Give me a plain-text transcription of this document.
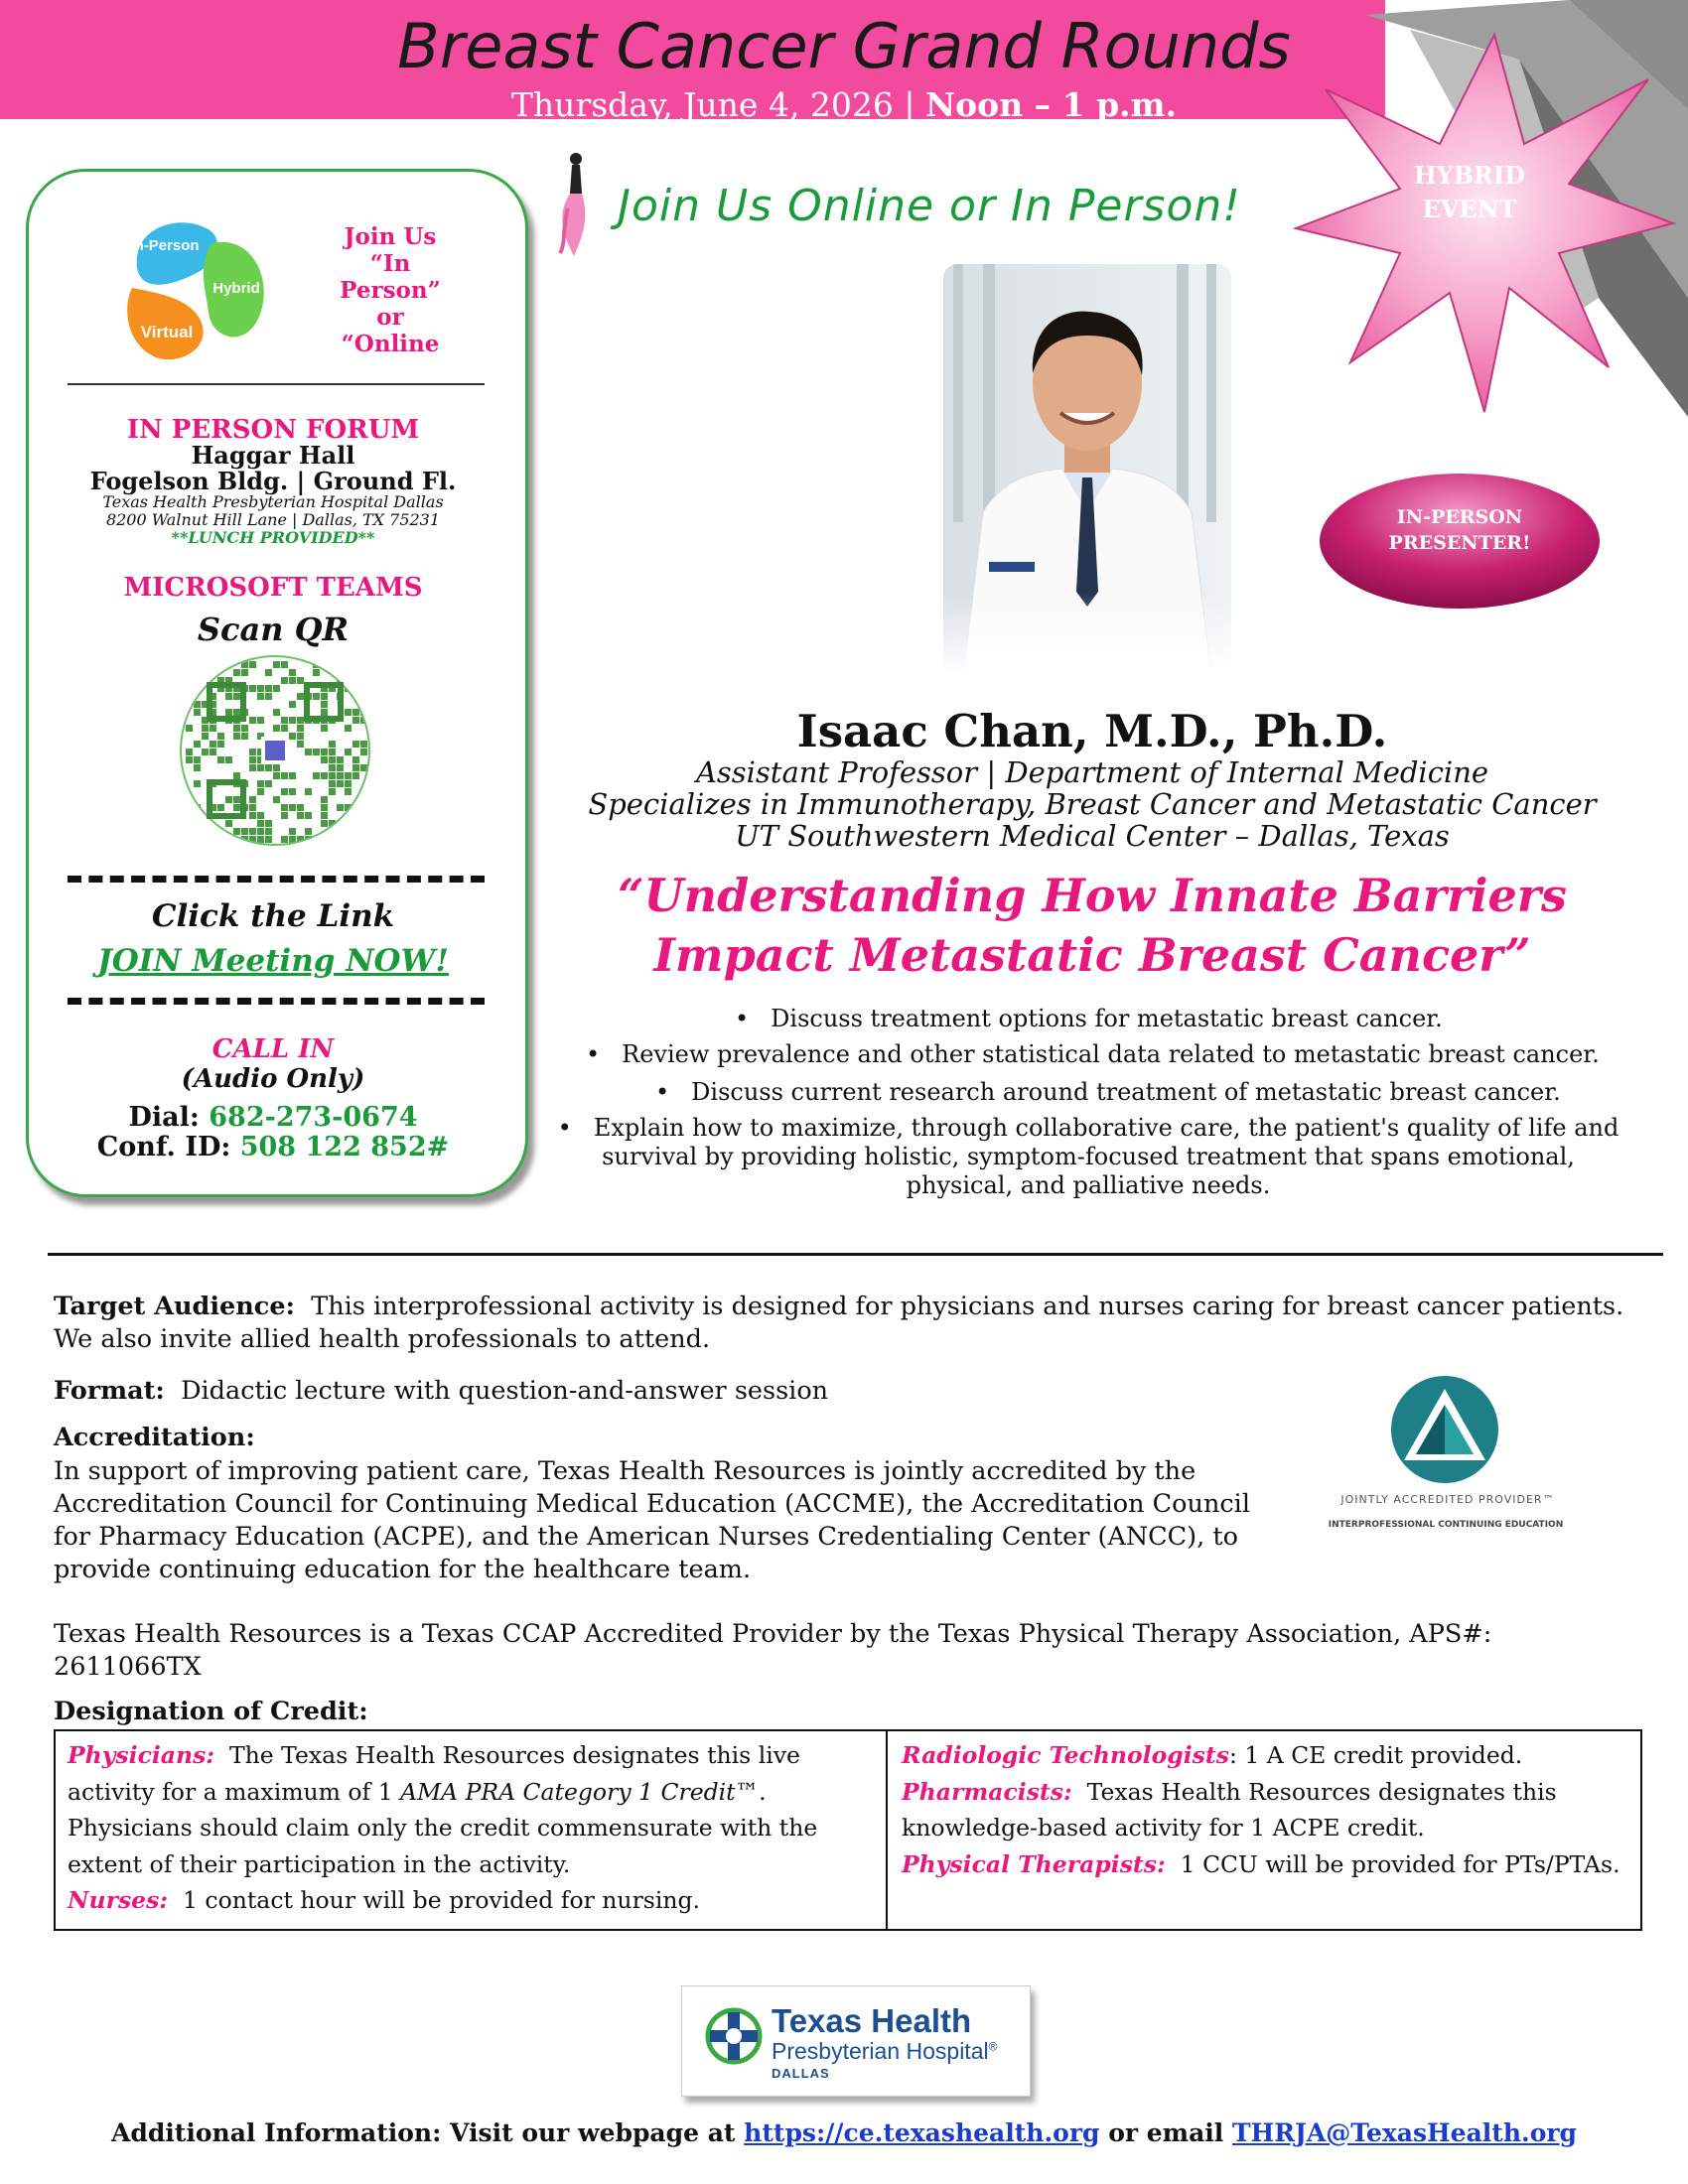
Breast Cancer Grand Rounds
Thursday, June 4, 2026 | Noon – 1 p.m.
HYBRID
EVENT
In-Person
Hybrid
Virtual
Join Us
“In
Person”
or
“Online
IN PERSON FORUM
Haggar Hall
Fogelson Bldg. | Ground Fl.
Texas Health Presbyterian Hospital Dallas
8200 Walnut Hill Lane | Dallas, TX 75231
**LUNCH PROVIDED**
MICROSOFT TEAMS
Scan QR
Click the Link
JOIN Meeting NOW!
CALL IN
(Audio Only)
Dial: 682-273-0674
Conf. ID: 508 122 852#
Join Us Online or In Person!
IN-PERSON
PRESENTER!
Isaac Chan, M.D., Ph.D.
Assistant Professor | Department of Internal Medicine
Specializes in Immunotherapy, Breast Cancer and Metastatic Cancer
UT Southwestern Medical Center – Dallas, Texas
“Understanding How Innate Barriers
Impact Metastatic Breast Cancer”
• Discuss treatment options for metastatic breast cancer.
• Review prevalence and other statistical data related to metastatic breast cancer.
• Discuss current research around treatment of metastatic breast cancer.
• Explain how to maximize, through collaborative care, the patient's quality of life and survival by providing holistic, symptom-focused treatment that spans emotional, physical, and palliative needs.
Target Audience: This interprofessional activity is designed for physicians and nurses caring for breast cancer patients. We also invite allied health professionals to attend.
Format: Didactic lecture with question-and-answer session
Accreditation:
In support of improving patient care, Texas Health Resources is jointly accredited by the Accreditation Council for Continuing Medical Education (ACCME), the Accreditation Council for Pharmacy Education (ACPE), and the American Nurses Credentialing Center (ANCC), to provide continuing education for the healthcare team.
JOINTLY ACCREDITED PROVIDER™
INTERPROFESSIONAL CONTINUING EDUCATION
Texas Health Resources is a Texas CCAP Accredited Provider by the Texas Physical Therapy Association, APS#: 2611066TX
Designation of Credit:
Physicians: The Texas Health Resources designates this live activity for a maximum of 1 AMA PRA Category 1 Credit™. Physicians should claim only the credit commensurate with the extent of their participation in the activity.
Nurses: 1 contact hour will be provided for nursing.
Radiologic Technologists: 1 A CE credit provided.
Pharmacists: Texas Health Resources designates this knowledge-based activity for 1 ACPE credit.
Physical Therapists: 1 CCU will be provided for PTs/PTAs.
Texas Health
Presbyterian Hospital®
DALLAS
Additional Information: Visit our webpage at https://ce.texashealth.org or email THRJA@TexasHealth.org
